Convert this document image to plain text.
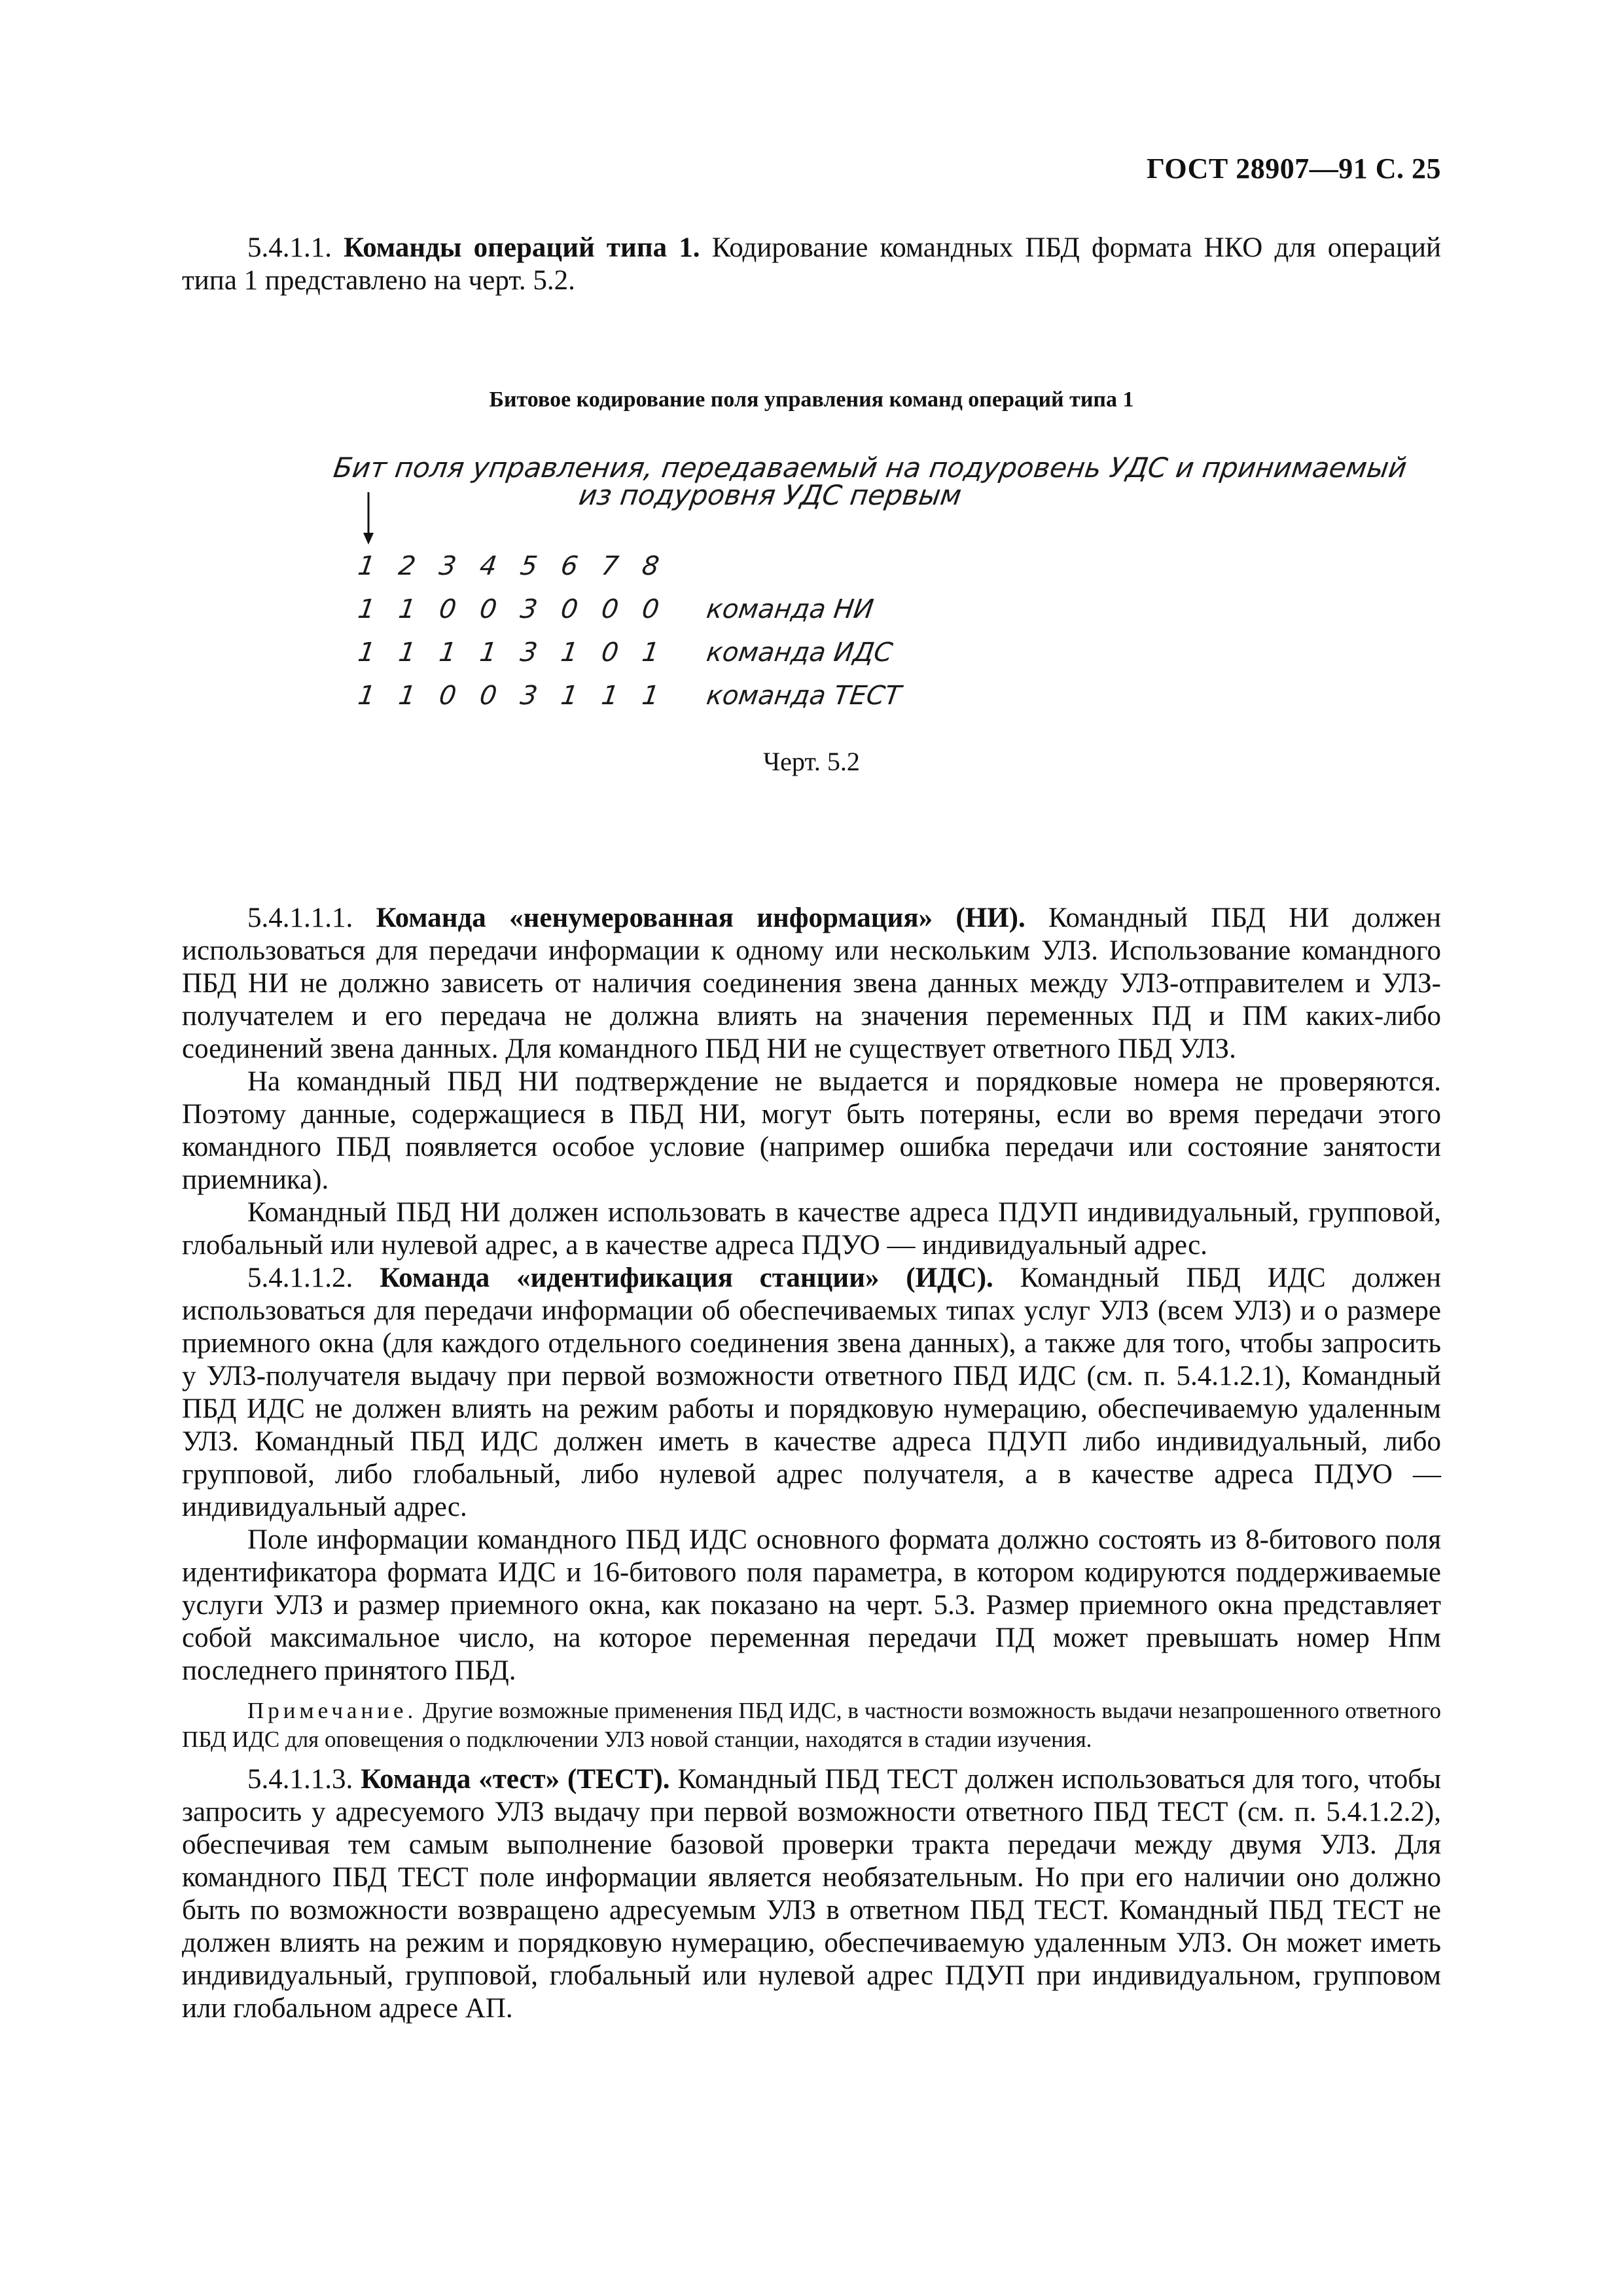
ГОСТ 28907—91 С. 25

5.4.1.1. Команды операций типа 1. Кодирование командных ПБД формата НКО для операций типа 1 представлено на черт. 5.2.

Битовое кодирование поля управления команд операций типа 1
Бит поля управления, передаваемый на подуровень УДС и принимаемый
из подуровня УДС первым
1 2 3 4 5 6 7 8
1 1 0 0 3 0 0 0 команда НИ
1 1 1 1 3 1 0 1 команда ИДС
1 1 0 0 3 1 1 1 команда ТЕСТ
Черт. 5.2

5.4.1.1.1. Команда «ненумерованная информация» (НИ). Командный ПБД НИ должен использоваться для передачи информации к одному или нескольким УЛЗ. Использование командного ПБД НИ не должно зависеть от наличия соединения звена данных между УЛЗ-отправителем и УЛЗ-получателем и его передача не должна влиять на значения переменных ПД и ПМ каких-либо соединений звена данных. Для командного ПБД НИ не существует ответного ПБД УЛЗ.

На командный ПБД НИ подтверждение не выдается и порядковые номера не проверяются. Поэтому данные, содержащиеся в ПБД НИ, могут быть потеряны, если во время передачи этого командного ПБД появляется особое условие (например ошибка передачи или состояние занятости приемника).

Командный ПБД НИ должен использовать в качестве адреса ПДУП индивидуальный, групповой, глобальный или нулевой адрес, а в качестве адреса ПДУО — индивидуальный адрес.

5.4.1.1.2. Команда «идентификация станции» (ИДС). Командный ПБД ИДС должен использоваться для передачи информации об обеспечиваемых типах услуг УЛЗ (всем УЛЗ) и о размере приемного окна (для каждого отдельного соединения звена данных), а также для того, чтобы запросить у УЛЗ-получателя выдачу при первой возможности ответного ПБД ИДС (см. п. 5.4.1.2.1), Командный ПБД ИДС не должен влиять на режим работы и порядковую нумерацию, обеспечиваемую удаленным УЛЗ. Командный ПБД ИДС должен иметь в качестве адреса ПДУП либо индивидуальный, либо групповой, либо глобальный, либо нулевой адрес получателя, а в качестве адреса ПДУО — индивидуальный адрес.

Поле информации командного ПБД ИДС основного формата должно состоять из 8-битового поля идентификатора формата ИДС и 16-битового поля параметра, в котором кодируются поддерживаемые услуги УЛЗ и размер приемного окна, как показано на черт. 5.3. Размер приемного окна представляет собой максимальное число, на которое переменная передачи ПД может превышать номер Нпм последнего принятого ПБД.

Примечание. Другие возможные применения ПБД ИДС, в частности возможность выдачи незапрошенного ответного ПБД ИДС для оповещения о подключении УЛЗ новой станции, находятся в стадии изучения.

5.4.1.1.3. Команда «тест» (ТЕСТ). Командный ПБД ТЕСТ должен использоваться для того, чтобы запросить у адресуемого УЛЗ выдачу при первой возможности ответного ПБД ТЕСТ (см. п. 5.4.1.2.2), обеспечивая тем самым выполнение базовой проверки тракта передачи между двумя УЛЗ. Для командного ПБД ТЕСТ поле информации является необязательным. Но при его наличии оно должно быть по возможности возвращено адресуемым УЛЗ в ответном ПБД ТЕСТ. Командный ПБД ТЕСТ не должен влиять на режим и порядковую нумерацию, обеспечиваемую удаленным УЛЗ. Он может иметь индивидуальный, групповой, глобальный или нулевой адрес ПДУП при индивидуальном, групповом или глобальном адресе АП.
